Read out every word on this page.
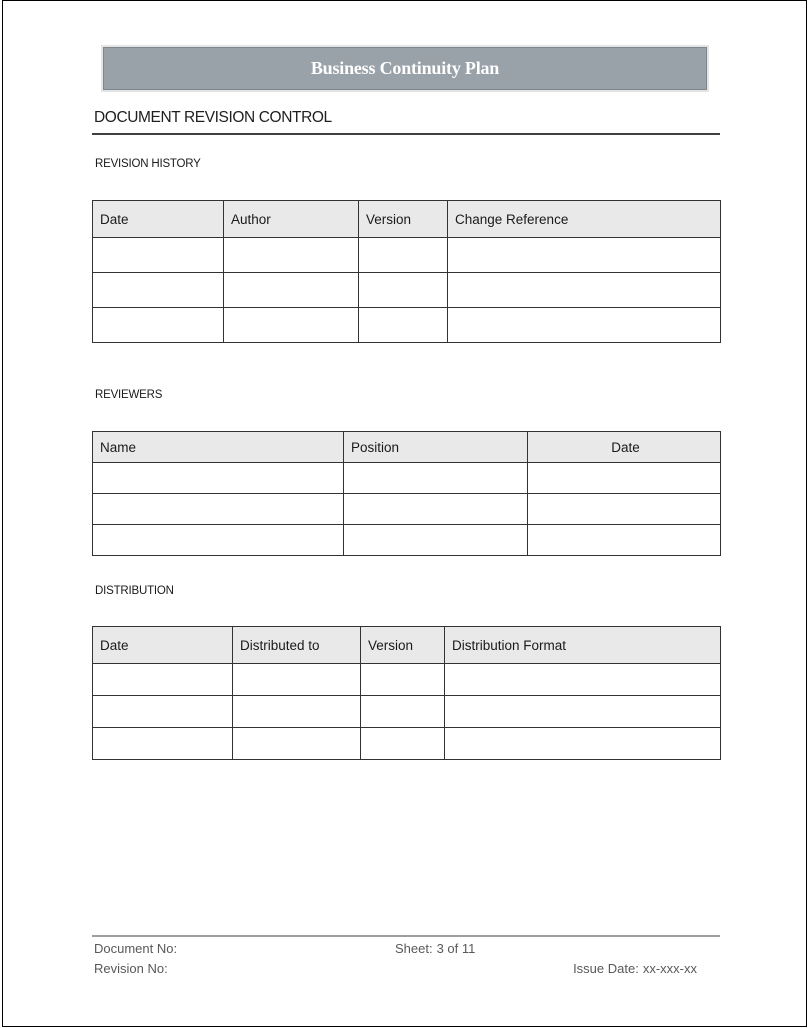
Business Continuity Plan
DOCUMENT REVISION CONTROL
REVISION HISTORY
Date	Author	Version	Change Reference

REVIEWERS
Name	Position	Date

DISTRIBUTION
Date	Distributed to	Version	Distribution Format

Document No:	Sheet: 3 of 11
Revision No:	Issue Date: xx-xxx-xx
